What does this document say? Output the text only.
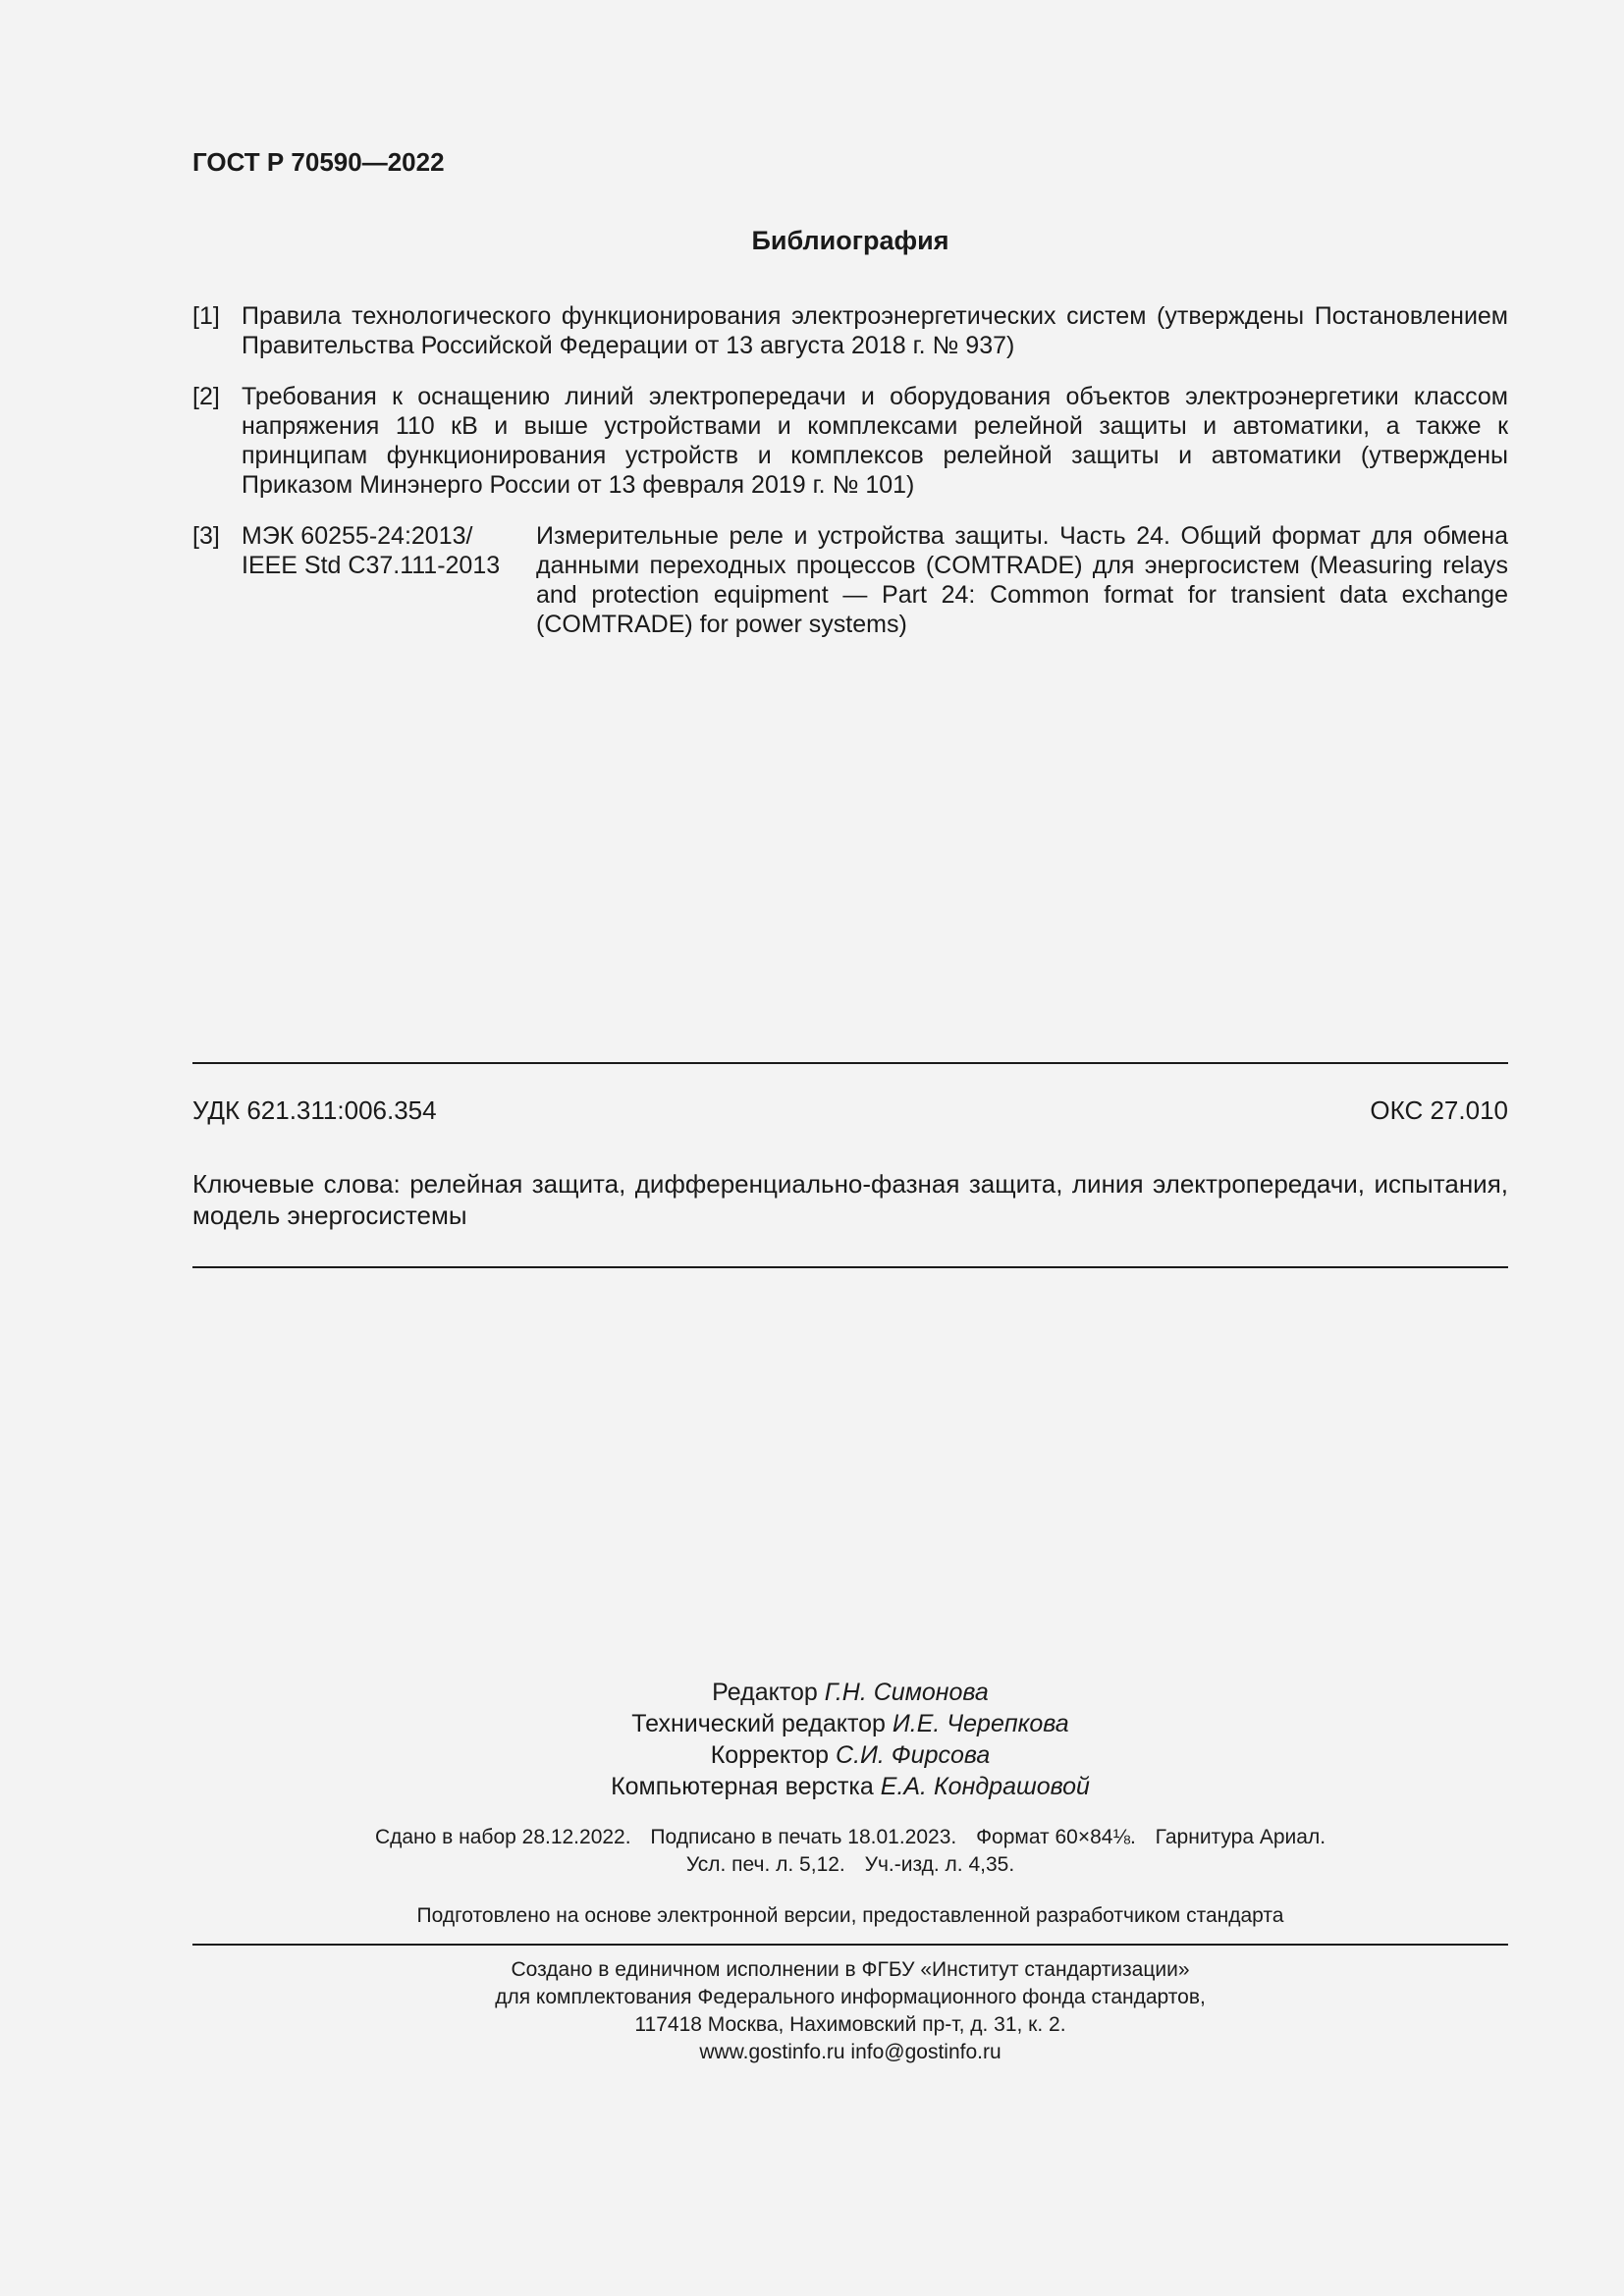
ГОСТ Р 70590—2022
Библиография
[1] Правила технологического функционирования электроэнергетических систем (утверждены Постановлением Правительства Российской Федерации от 13 августа 2018 г. № 937)
[2] Требования к оснащению линий электропередачи и оборудования объектов электроэнергетики классом напряжения 110 кВ и выше устройствами и комплексами релейной защиты и автоматики, а также к принципам функционирования устройств и комплексов релейной защиты и автоматики (утверждены Приказом Минэнерго России от 13 февраля 2019 г. № 101)
[3] МЭК 60255-24:2013/
IEEE Std C37.111-2013
Измерительные реле и устройства защиты. Часть 24. Общий формат для обмена данными переходных процессов (COMTRADE) для энергосистем (Measuring relays and protection equipment — Part 24: Common format for transient data exchange (COMTRADE) for power systems)
УДК 621.311:006.354	ОКС 27.010
Ключевые слова: релейная защита, дифференциально-фазная защита, линия электропередачи, испытания, модель энергосистемы
Редактор Г.Н. Симонова
Технический редактор И.Е. Черепкова
Корректор С.И. Фирсова
Компьютерная верстка Е.А. Кондрашовой
Сдано в набор 28.12.2022. Подписано в печать 18.01.2023. Формат 60×84⅛. Гарнитура Ариал.
Усл. печ. л. 5,12. Уч.-изд. л. 4,35.
Подготовлено на основе электронной версии, предоставленной разработчиком стандарта
Создано в единичном исполнении в ФГБУ «Институт стандартизации»
для комплектования Федерального информационного фонда стандартов,
117418 Москва, Нахимовский пр-т, д. 31, к. 2.
www.gostinfo.ru info@gostinfo.ru
